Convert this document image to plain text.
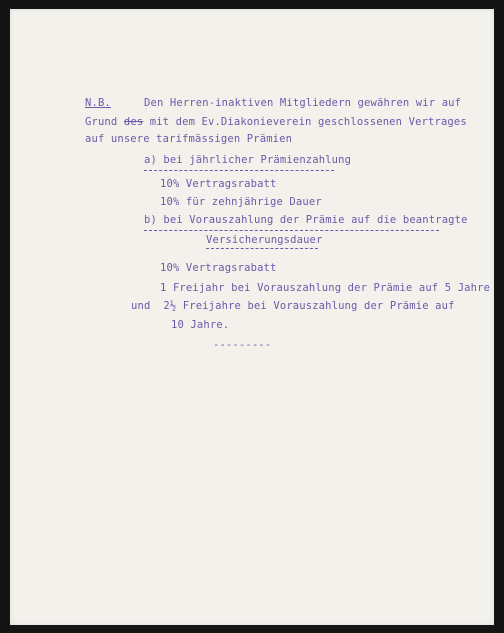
N.B.	Den Herren-inaktiven Mitgliedern gewähren wir auf
Grund des mit dem Ev.Diakonieverein geschlossenen Vertrages
auf unsere tarifmässigen Prämien
a) bei jährlicher Prämienzahlung
10% Vertragsrabatt
10% für zehnjährige Dauer
b) bei Vorauszahlung der Prämie auf die beantragte
Versicherungsdauer
10% Vertragsrabatt
1 Freijahr bei Vorauszahlung der Prämie auf 5 Jahre
und  2½ Freijahre bei Vorauszahlung der Prämie auf
10 Jahre.
---------
